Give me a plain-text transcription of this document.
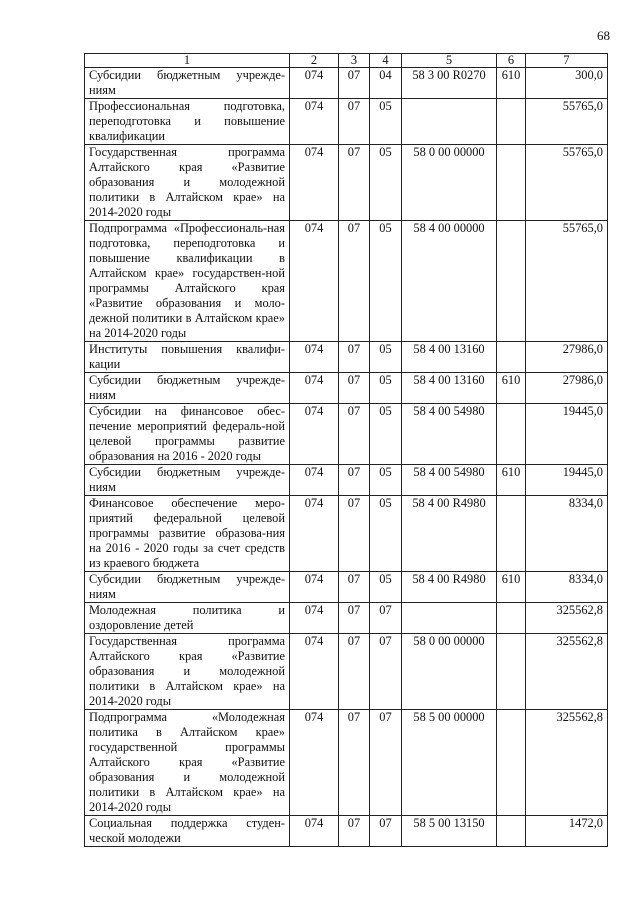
68
1	2	3	4	5	6	7
Субсидии бюджетным учрежде-ниям	074	07	04	58 3 00 R0270	610	300,0
Профессиональная подготовка, переподготовка и повышение квалификации	074	07	05			55765,0
Государственная программа Алтайского края «Развитие образования и молодежной политики в Алтайском крае» на 2014-2020 годы	074	07	05	58 0 00 00000		55765,0
Подпрограмма «Профессиональ-ная подготовка, переподготовка и повышение квалификации в Алтайском крае» государствен-ной программы Алтайского края «Развитие образования и моло-дежной политики в Алтайском крае» на 2014-2020 годы	074	07	05	58 4 00 00000		55765,0
Институты повышения квалифи-кации	074	07	05	58 4 00 13160		27986,0
Субсидии бюджетным учрежде-ниям	074	07	05	58 4 00 13160	610	27986,0
Субсидии на финансовое обес-печение мероприятий федераль-ной целевой программы развитие образования на 2016 - 2020 годы	074	07	05	58 4 00 54980		19445,0
Субсидии бюджетным учрежде-ниям	074	07	05	58 4 00 54980	610	19445,0
Финансовое обеспечение меро-приятий федеральной целевой программы развитие образова-ния на 2016 - 2020 годы за счет средств из краевого бюджета	074	07	05	58 4 00 R4980		8334,0
Субсидии бюджетным учрежде-ниям	074	07	05	58 4 00 R4980	610	8334,0
Молодежная политика и оздоровление детей	074	07	07			325562,8
Государственная программа Алтайского края «Развитие образования и молодежной политики в Алтайском крае» на 2014-2020 годы	074	07	07	58 0 00 00000		325562,8
Подпрограмма «Молодежная политика в Алтайском крае» государственной программы Алтайского края «Развитие образования и молодежной политики в Алтайском крае» на 2014-2020 годы	074	07	07	58 5 00 00000		325562,8
Социальная поддержка студен-ческой молодежи	074	07	07	58 5 00 13150		1472,0
